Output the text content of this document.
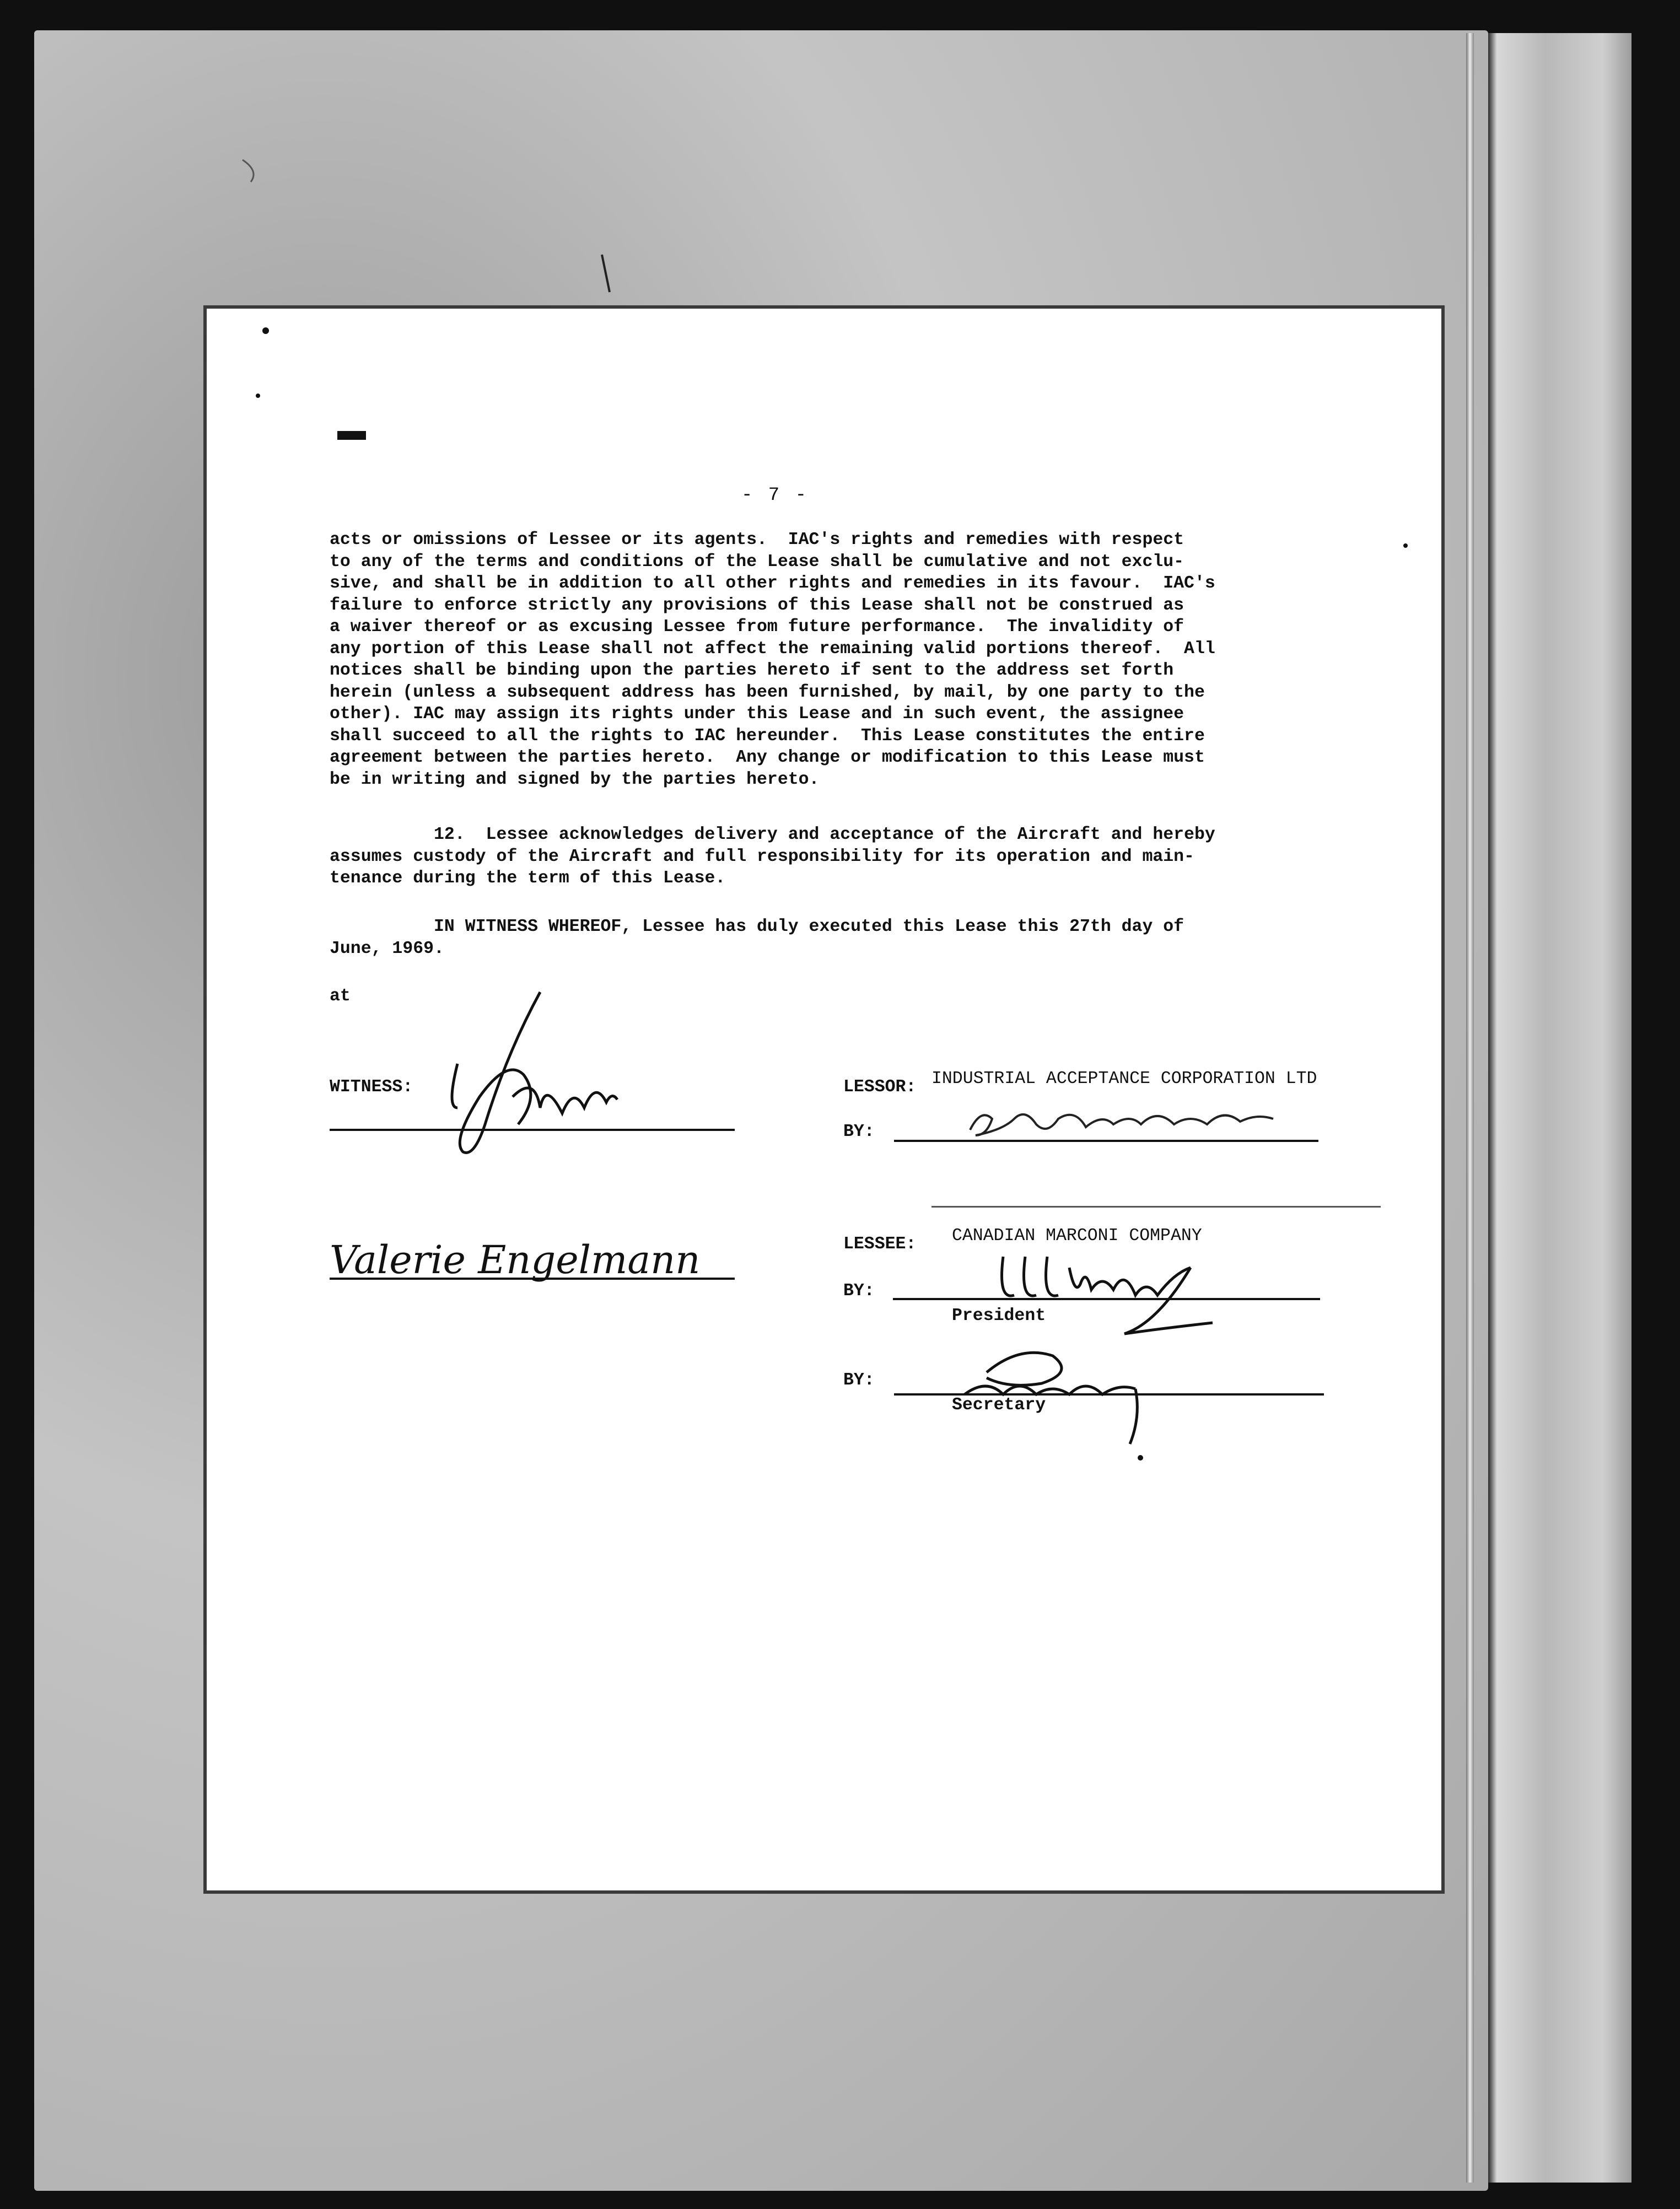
- 7 -
acts or omissions of Lessee or its agents.  IAC's rights and remedies with respect
to any of the terms and conditions of the Lease shall be cumulative and not exclu-
sive, and shall be in addition to all other rights and remedies in its favour.  IAC's
failure to enforce strictly any provisions of this Lease shall not be construed as
a waiver thereof or as excusing Lessee from future performance.  The invalidity of
any portion of this Lease shall not affect the remaining valid portions thereof.  All
notices shall be binding upon the parties hereto if sent to the address set forth
herein (unless a subsequent address has been furnished, by mail, by one party to the
other). IAC may assign its rights under this Lease and in such event, the assignee
shall succeed to all the rights to IAC hereunder.  This Lease constitutes the entire
agreement between the parties hereto.  Any change or modification to this Lease must
be in writing and signed by the parties hereto.
12.  Lessee acknowledges delivery and acceptance of the Aircraft and hereby
assumes custody of the Aircraft and full responsibility for its operation and main-
tenance during the term of this Lease.
IN WITNESS WHEREOF, Lessee has duly executed this Lease this 27th day of
June, 1969.
at
WITNESS:
Valerie Engelmann
LESSOR: INDUSTRIAL ACCEPTANCE CORPORATION LTD
BY:
LESSEE: CANADIAN MARCONI COMPANY
BY:
President
BY:
Secretary
